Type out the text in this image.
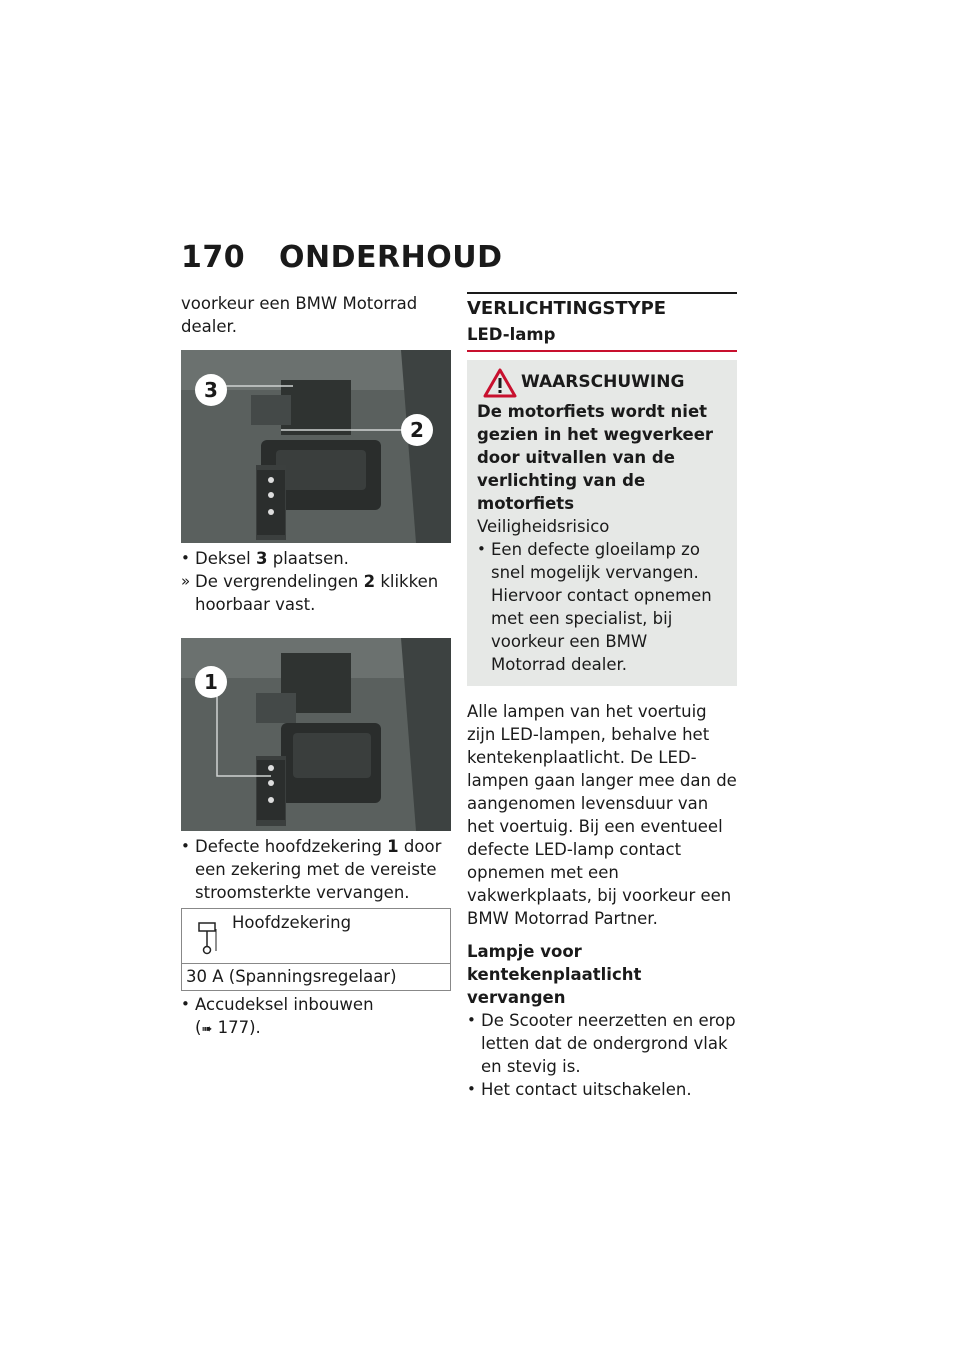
170 ONDERHOUD

voorkeur een BMW Motorrad dealer.

3
2
• Deksel 3 plaatsen.
» De vergrendelingen 2 klikken hoorbaar vast.
1
• Defecte hoofdzekering 1 door een zekering met de vereiste stroomsterkte vervangen.
Hoofdzekering
30 A (Spanningsregelaar)
• Accudeksel inbouwen
(➠ 177).
VERLICHTINGSTYPE
LED-lamp
WAARSCHUWING
De motorfiets wordt niet gezien in het wegverkeer door uitvallen van de verlichting van de motorfiets

Veiligheidsrisico

• Een defecte gloeilamp zo snel mogelijk vervangen. Hiervoor contact opnemen met een specialist, bij voorkeur een BMW Motorrad dealer.

Alle lampen van het voertuig zijn LED-lampen, behalve het kentekenplaatlicht. De LED-lampen gaan langer mee dan de aangenomen levensduur van het voertuig. Bij een eventueel defecte LED-lamp contact opnemen met een vakwerkplaats, bij voorkeur een BMW Motorrad Partner.

Lampje voor kentekenplaatlicht vervangen
• De Scooter neerzetten en erop letten dat de ondergrond vlak en stevig is.
• Het contact uitschakelen.
